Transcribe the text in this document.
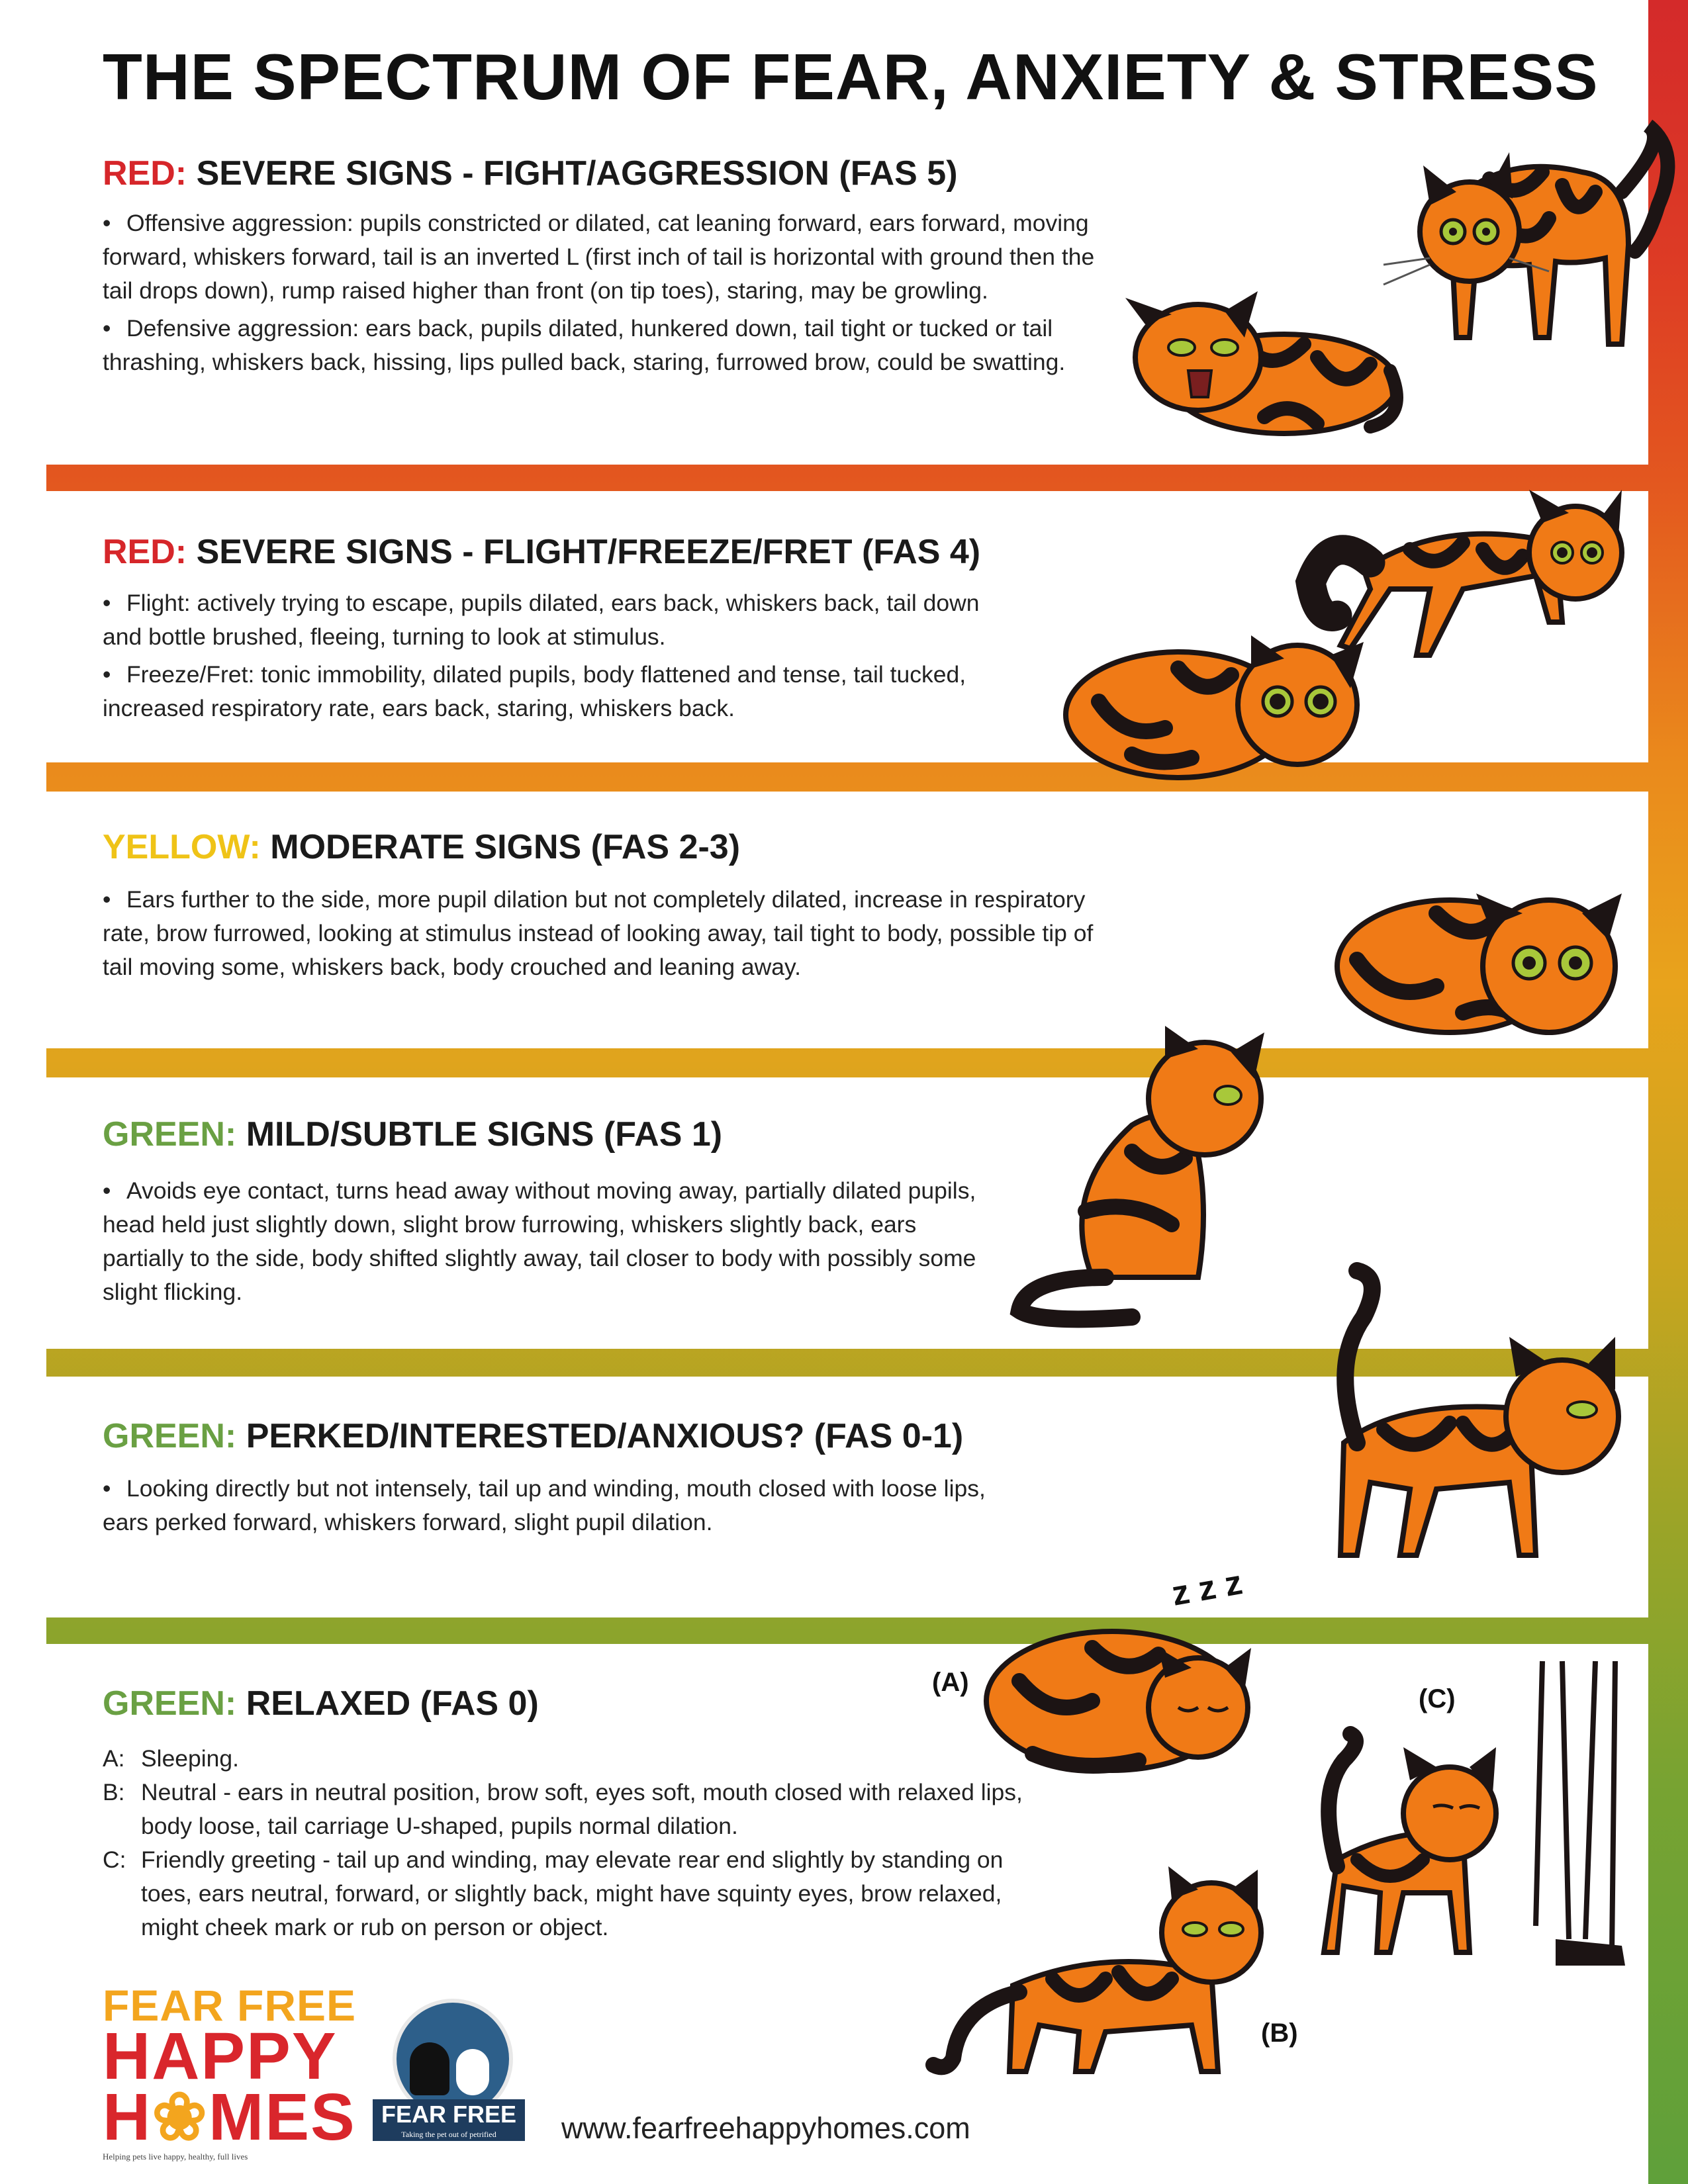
THE SPECTRUM OF FEAR, ANXIETY & STRESS
RED: SEVERE SIGNS - FIGHT/AGGRESSION (FAS 5)

• Offensive aggression: pupils constricted or dilated, cat leaning forward, ears forward, moving forward, whiskers forward, tail is an inverted L (first inch of tail is horizontal with ground then the tail drops down), rump raised higher than front (on tip toes), staring, may be growling.

• Defensive aggression: ears back, pupils dilated, hunkered down, tail tight or tucked or tail thrashing, whiskers back, hissing, lips pulled back, staring, furrowed brow, could be swatting.

RED: SEVERE SIGNS - FLIGHT/FREEZE/FRET (FAS 4)

• Flight: actively trying to escape, pupils dilated, ears back, whiskers back, tail down and bottle brushed, fleeing, turning to look at stimulus.

• Freeze/Fret: tonic immobility, dilated pupils, body flattened and tense, tail tucked, increased respiratory rate, ears back, staring, whiskers back.

YELLOW: MODERATE SIGNS (FAS 2-3)

• Ears further to the side, more pupil dilation but not completely dilated, increase in respiratory rate, brow furrowed, looking at stimulus instead of looking away, tail tight to body, possible tip of tail moving some, whiskers back, body crouched and leaning away.

GREEN: MILD/SUBTLE SIGNS (FAS 1)

• Avoids eye contact, turns head away without moving away, partially dilated pupils, head held just slightly down, slight brow furrowing, whiskers slightly back, ears partially to the side, body shifted slightly away, tail closer to body with possibly some slight flicking.

GREEN: PERKED/INTERESTED/ANXIOUS? (FAS 0-1)

• Looking directly but not intensely, tail up and winding, mouth closed with loose lips, ears perked forward, whiskers forward, slight pupil dilation.

GREEN: RELAXED (FAS 0)
A: Sleeping.
B: Neutral - ears in neutral position, brow soft, eyes soft, mouth closed with relaxed lips, body loose, tail carriage U-shaped, pupils normal dilation.
C: Friendly greeting - tail up and winding, may elevate rear end slightly by standing on toes, ears neutral, forward, or slightly back, might have squinty eyes, brow relaxed, might cheek mark or rub on person or object.
z z z
(A)
(B)
(C)
FEAR FREE
HAPPY
H❀MES
Helping pets live happy, healthy, full lives
FEAR FREE
Taking the pet out of petrified	www.fearfreehappyhomes.com
